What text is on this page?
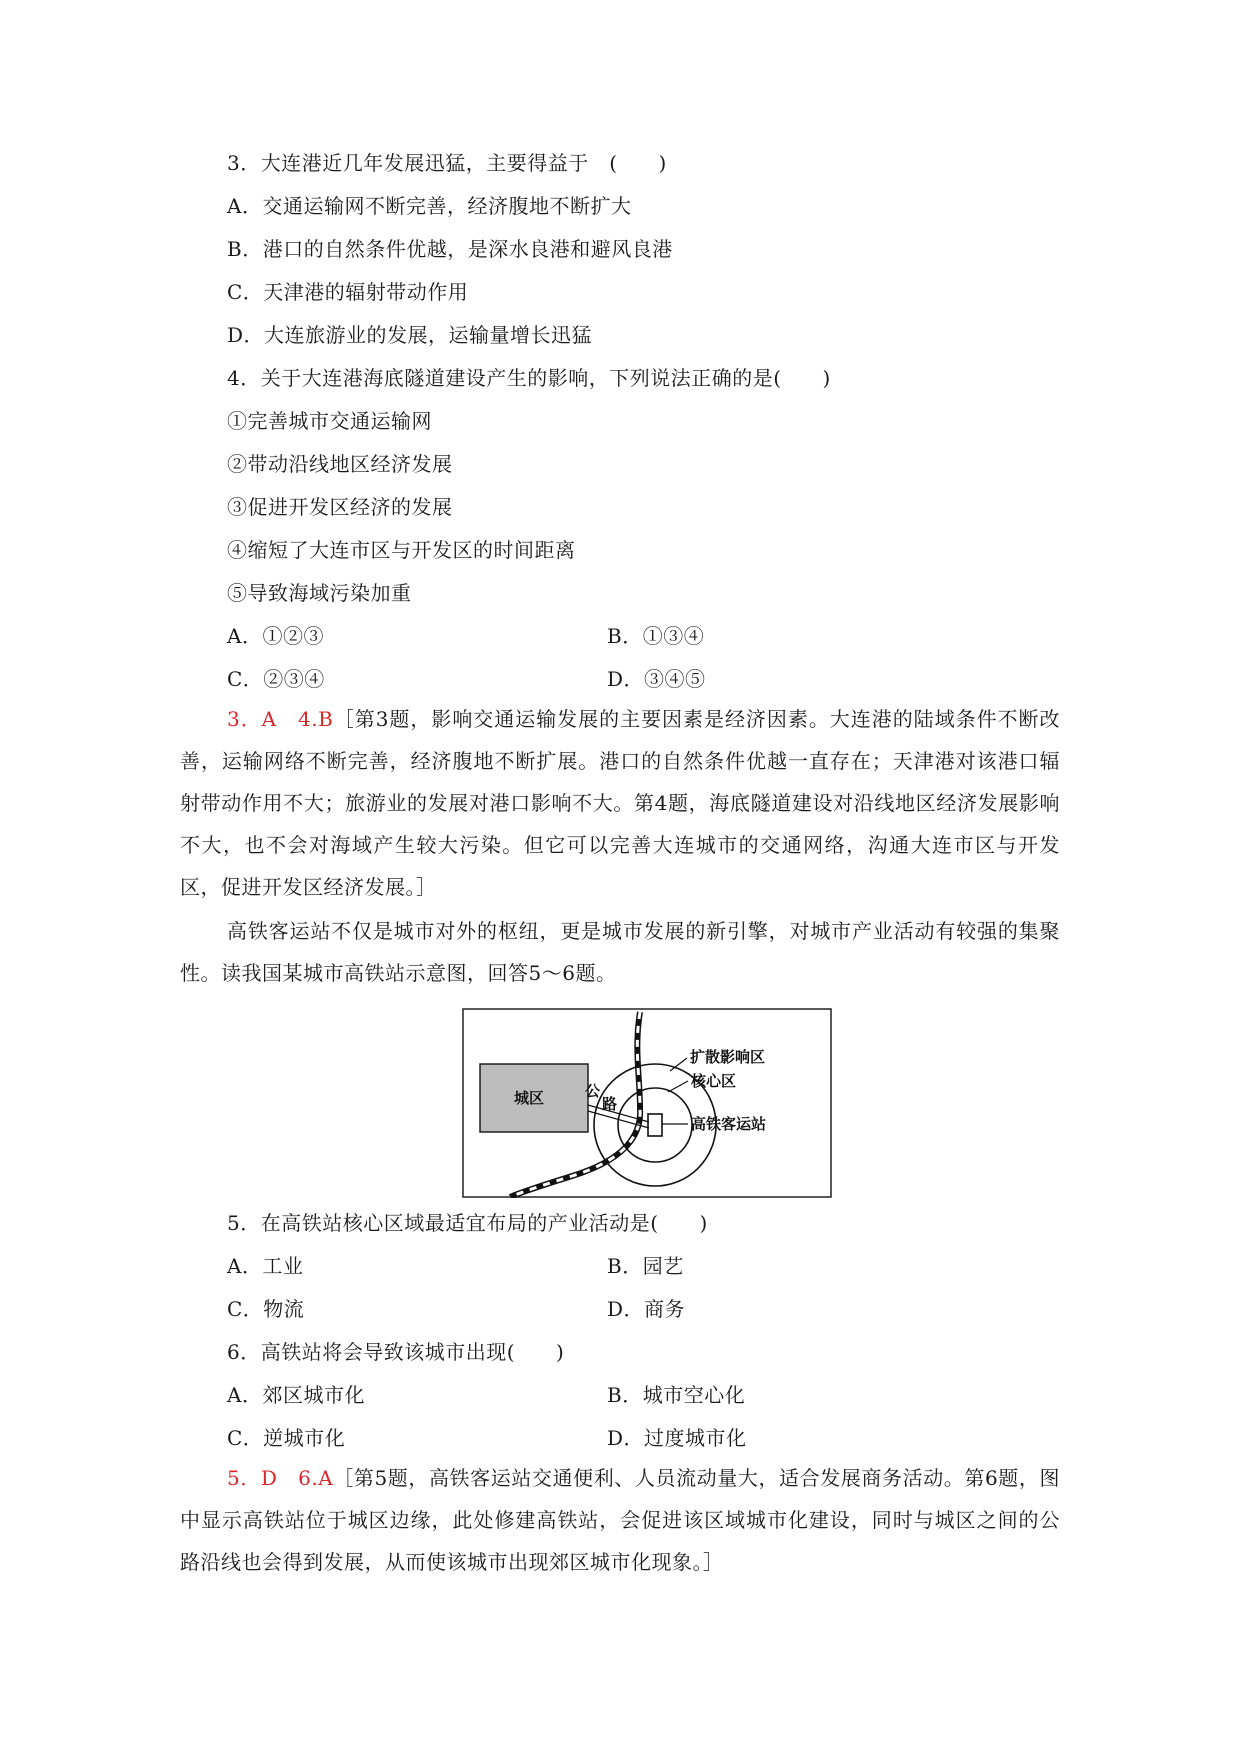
3．大连港近几年发展迅猛，主要得益于　(　　)
A．交通运输网不断完善，经济腹地不断扩大
B．港口的自然条件优越，是深水良港和避风良港
C．天津港的辐射带动作用
D．大连旅游业的发展，运输量增长迅猛
4．关于大连港海底隧道建设产生的影响，下列说法正确的是(　　)
①完善城市交通运输网
②带动沿线地区经济发展
③促进开发区经济的发展
④缩短了大连市区与开发区的时间距离
⑤导致海域污染加重
A．①②③	B．①③④
C．②③④	D．③④⑤
3．A　4.B［第3题，影响交通运输发展的主要因素是经济因素。大连港的陆域条件不断改善，运输网络不断完善，经济腹地不断扩展。港口的自然条件优越一直存在；天津港对该港口辐射带动作用不大；旅游业的发展对港口影响不大。第4题，海底隧道建设对沿线地区经济发展影响不大，也不会对海域产生较大污染。但它可以完善大连城市的交通网络，沟通大连市区与开发区，促进开发区经济发展。］
高铁客运站不仅是城市对外的枢纽，更是城市发展的新引擎，对城市产业活动有较强的集聚性。读我国某城市高铁站示意图，回答5～6题。
城区	公
路
扩散影响区
核心区
高铁客运站
5．在高铁站核心区域最适宜布局的产业活动是(　　)
A．工业	B．园艺
C．物流	D．商务
6．高铁站将会导致该城市出现(　　)
A．郊区城市化	B．城市空心化
C．逆城市化	D．过度城市化
5．D　6.A［第5题，高铁客运站交通便利、人员流动量大，适合发展商务活动。第6题，图中显示高铁站位于城区边缘，此处修建高铁站，会促进该区域城市化建设，同时与城区之间的公路沿线也会得到发展，从而使该城市出现郊区城市化现象。］
